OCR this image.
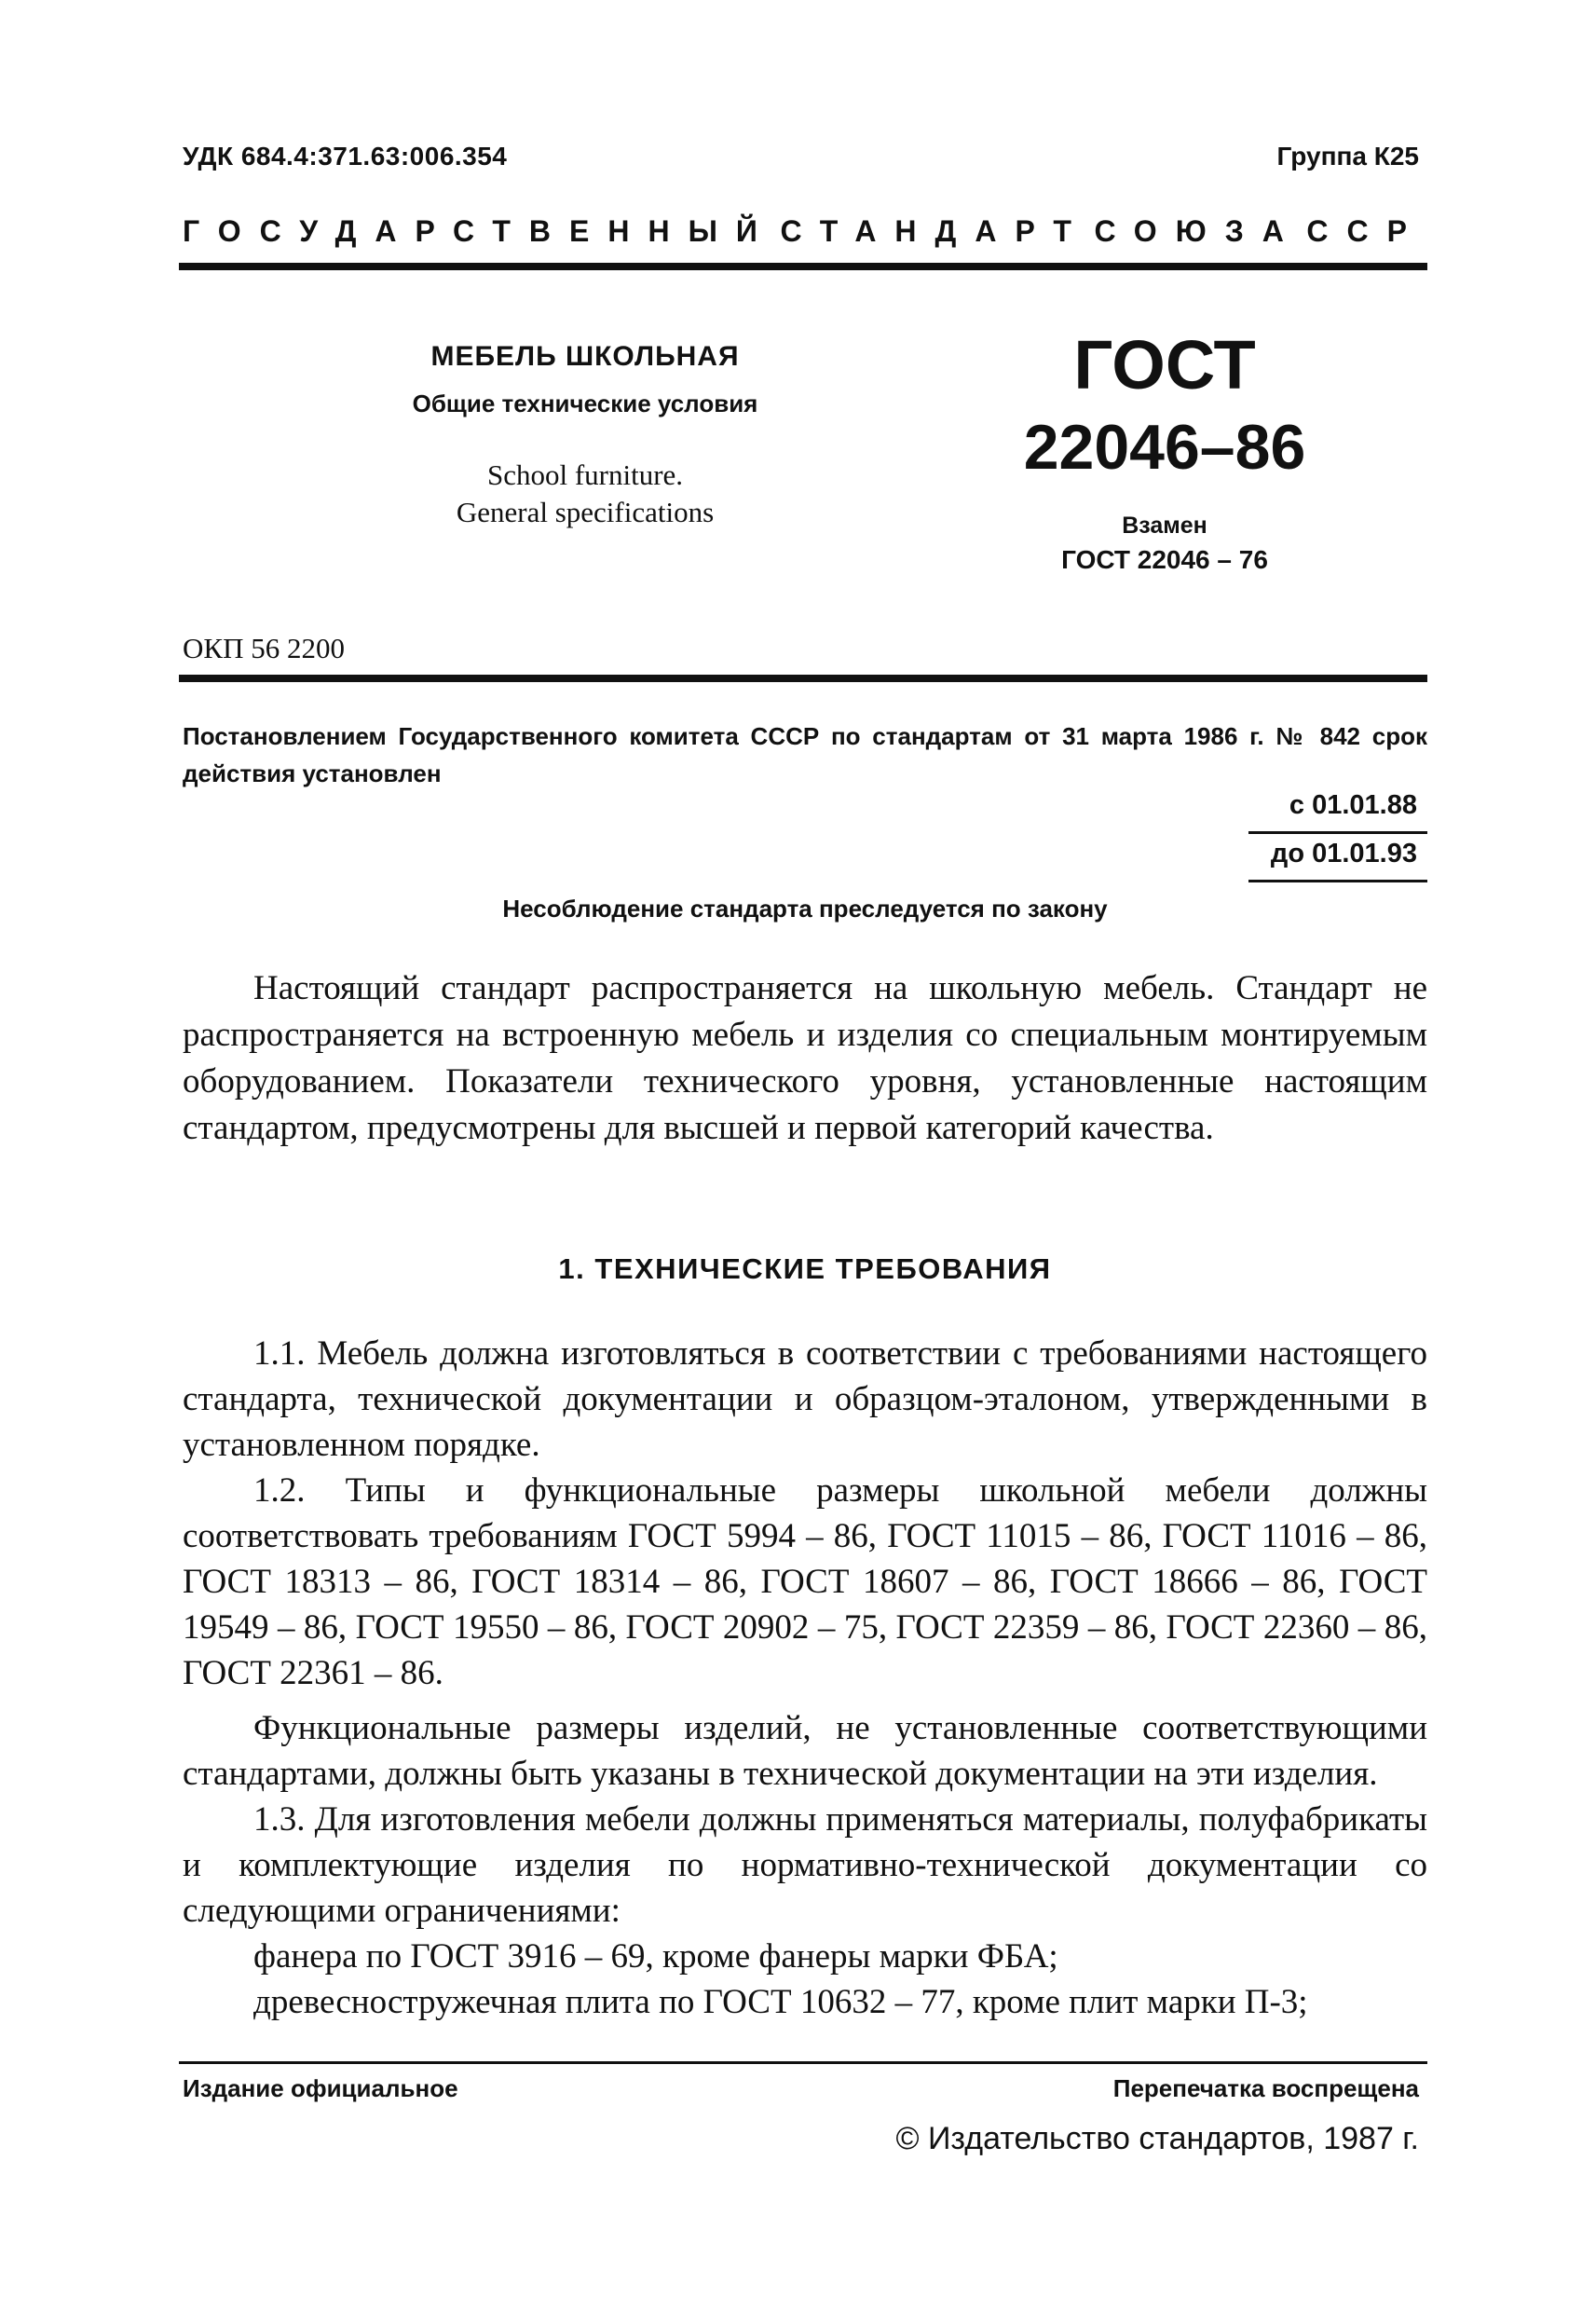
УДК 684.4:371.63:006.354	Группа К25
ГОСУДАРСТВЕННЫЙ СТАНДАРТ СОЮЗА ССР
МЕБЕЛЬ ШКОЛЬНАЯ
Общие технические условия
School furniture.
General specifications
ГОСТ
22046–86
Взамен
ГОСТ 22046 – 76
ОКП 56 2200
Постановлением Государственного комитета СССР по стандартам от 31 марта 1986 г. № 842 срок действия установлен
с 01.01.88
до 01.01.93
Несоблюдение стандарта преследуется по закону
Настоящий стандарт распространяется на школьную мебель. Стандарт не распространяется на встроенную мебель и изделия со специальным монтируемым оборудованием. Показатели технического уровня, установленные настоящим стандартом, предусмотрены для высшей и первой категорий качества.
1. ТЕХНИЧЕСКИЕ ТРЕБОВАНИЯ

1.1. Мебель должна изготовляться в соответствии с требованиями настоящего стандарта, технической документации и образцом-эталоном, утвержденными в установленном порядке.

1.2. Типы и функциональные размеры школьной мебели должны соответствовать требованиям ГОСТ 5994 – 86, ГОСТ 11015 – 86, ГОСТ 11016 – 86, ГОСТ 18313 – 86, ГОСТ 18314 – 86, ГОСТ 18607 – 86, ГОСТ 18666 – 86, ГОСТ 19549 – 86, ГОСТ 19550 – 86, ГОСТ 20902 – 75, ГОСТ 22359 – 86, ГОСТ 22360 – 86, ГОСТ 22361 – 86.

Функциональные размеры изделий, не установленные соответствующими стандартами, должны быть указаны в технической документации на эти изделия.

1.3. Для изготовления мебели должны применяться материалы, полуфабрикаты и комплектующие изделия по нормативно-технической документации со следующими ограничениями:

фанера по ГОСТ 3916 – 69, кроме фанеры марки ФБА;

древесностружечная плита по ГОСТ 10632 – 77, кроме плит марки П-3;

Издание официальное	Перепечатка воспрещена
© Издательство стандартов, 1987 г.
